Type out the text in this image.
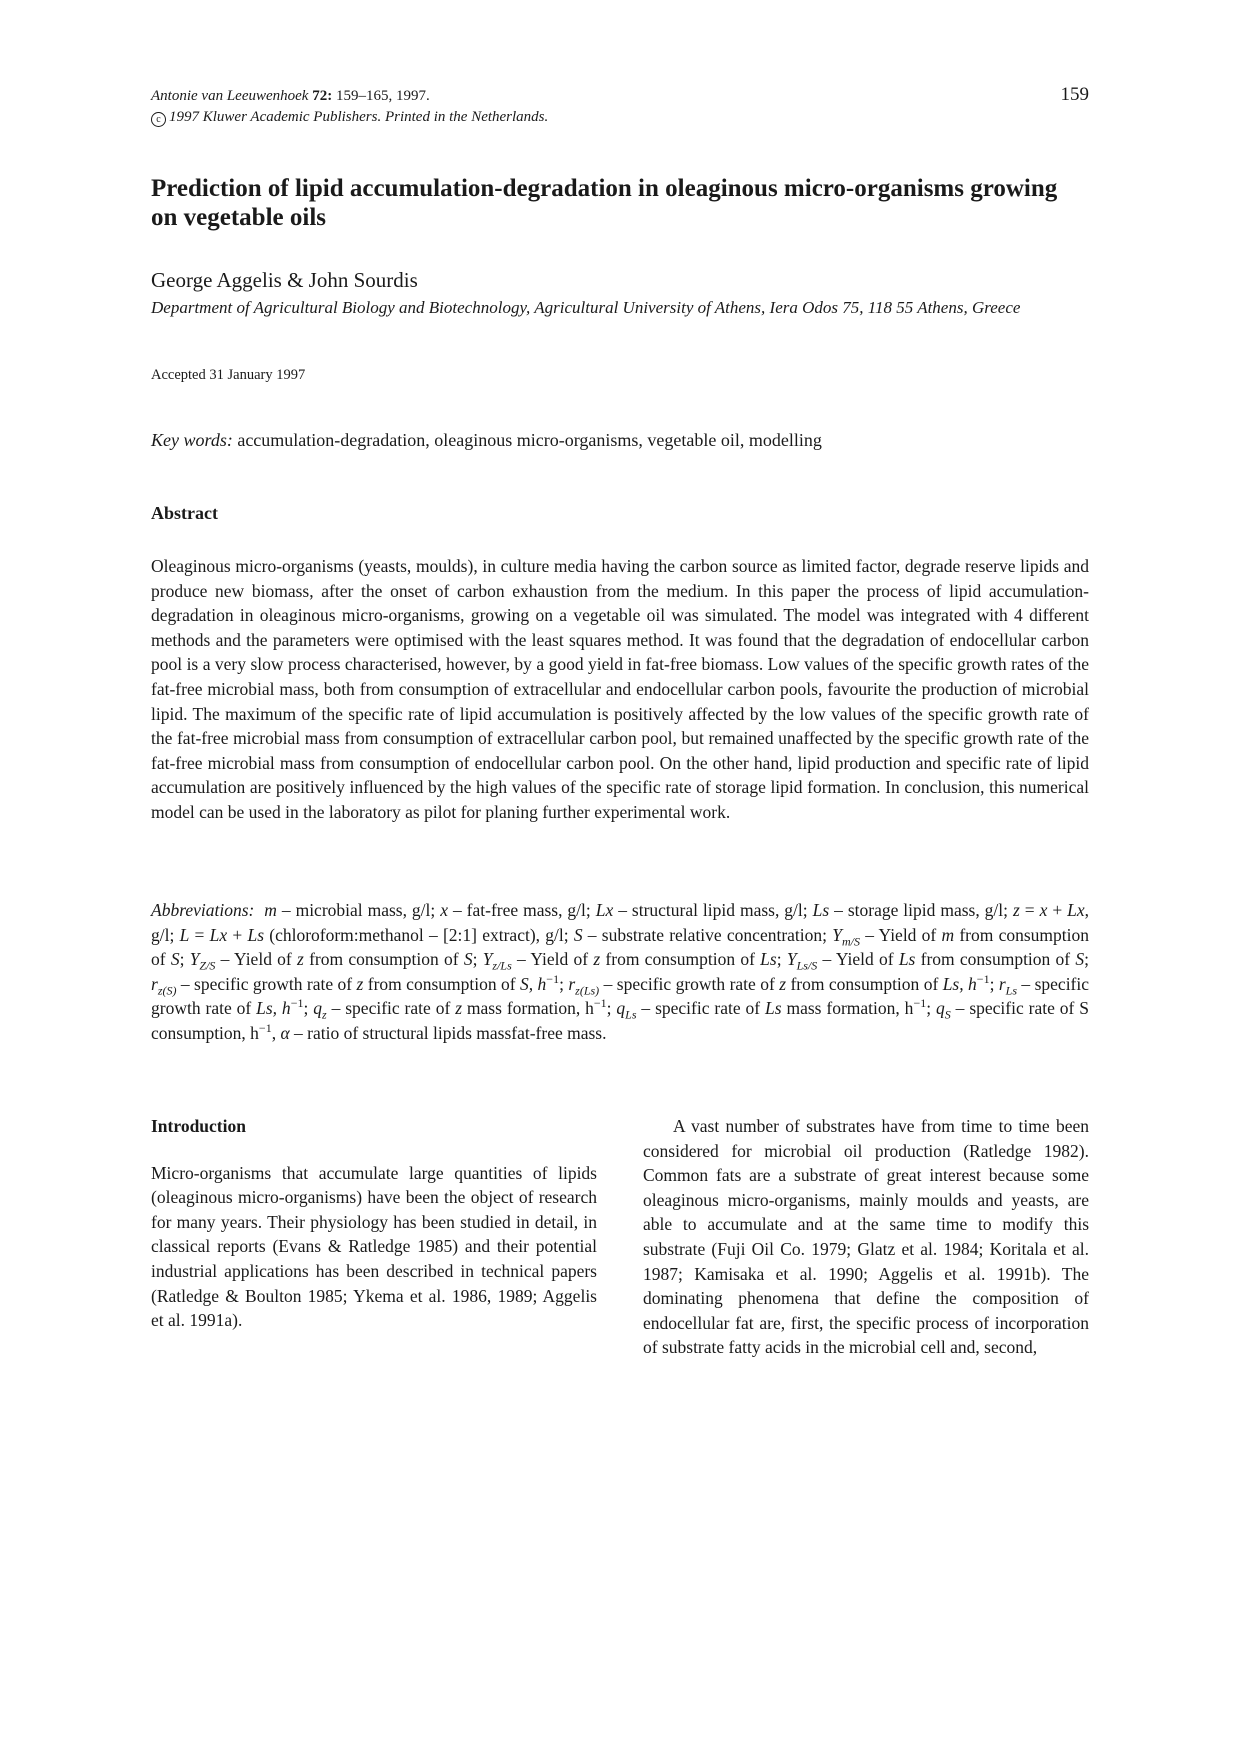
Antonie van Leeuwenhoek 72: 159–165, 1997.
c 1997 Kluwer Academic Publishers. Printed in the Netherlands.
159
Prediction of lipid accumulation-degradation in oleaginous micro-organisms growing on vegetable oils
George Aggelis & John Sourdis
Department of Agricultural Biology and Biotechnology, Agricultural University of Athens, Iera Odos 75, 118 55 Athens, Greece
Accepted 31 January 1997
Key words: accumulation-degradation, oleaginous micro-organisms, vegetable oil, modelling
Abstract
Oleaginous micro-organisms (yeasts, moulds), in culture media having the carbon source as limited factor, degrade reserve lipids and produce new biomass, after the onset of carbon exhaustion from the medium. In this paper the process of lipid accumulation-degradation in oleaginous micro-organisms, growing on a vegetable oil was simulated. The model was integrated with 4 different methods and the parameters were optimised with the least squares method. It was found that the degradation of endocellular carbon pool is a very slow process characterised, however, by a good yield in fat-free biomass. Low values of the specific growth rates of the fat-free microbial mass, both from consumption of extracellular and endocellular carbon pools, favourite the production of microbial lipid. The maximum of the specific rate of lipid accumulation is positively affected by the low values of the specific growth rate of the fat-free microbial mass from consumption of extracellular carbon pool, but remained unaffected by the specific growth rate of the fat-free microbial mass from consumption of endocellular carbon pool. On the other hand, lipid production and specific rate of lipid accumulation are positively influenced by the high values of the specific rate of storage lipid formation. In conclusion, this numerical model can be used in the laboratory as pilot for planing further experimental work.
Abbreviations: m – microbial mass, g/l; x – fat-free mass, g/l; Lx – structural lipid mass, g/l; Ls – storage lipid mass, g/l; z = x + Lx, g/l; L = Lx + Ls (chloroform:methanol – [2:1] extract), g/l; S – substrate relative concentration; $Y_{m/S}$ – Yield of m from consumption of S; $Y_{Z/S}$ – Yield of z from consumption of S; $Y_{z/Ls}$ – Yield of z from consumption of Ls; $Y_{Ls/S}$ – Yield of Ls from consumption of S; $r_{z(S)}$ – specific growth rate of z from consumption of S, $h^{-1}$; $r_{z(Ls)}$ – specific growth rate of z from consumption of Ls, $h^{-1}$; $r_{Ls}$ – specific growth rate of Ls, $h^{-1}$; $q_z$ – specific rate of z mass formation, $h^{-1}$; $q_{Ls}$ – specific rate of Ls mass formation, $h^{-1}$; $q_S$ – specific rate of S consumption, $h^{-1}$, α – ratio of structural lipids massfat-free mass.
Introduction
Micro-organisms that accumulate large quantities of lipids (oleaginous micro-organisms) have been the object of research for many years. Their physiology has been studied in detail, in classical reports (Evans & Ratledge 1985) and their potential industrial applications has been described in technical papers (Ratledge & Boulton 1985; Ykema et al. 1986, 1989; Aggelis et al. 1991a).
A vast number of substrates have from time to time been considered for microbial oil production (Ratledge 1982). Common fats are a substrate of great interest because some oleaginous micro-organisms, mainly moulds and yeasts, are able to accumulate and at the same time to modify this substrate (Fuji Oil Co. 1979; Glatz et al. 1984; Koritala et al. 1987; Kamisaka et al. 1990; Aggelis et al. 1991b). The dominating phenomena that define the composition of endocellular fat are, first, the specific process of incorporation of substrate fatty acids in the microbial cell and, second,
